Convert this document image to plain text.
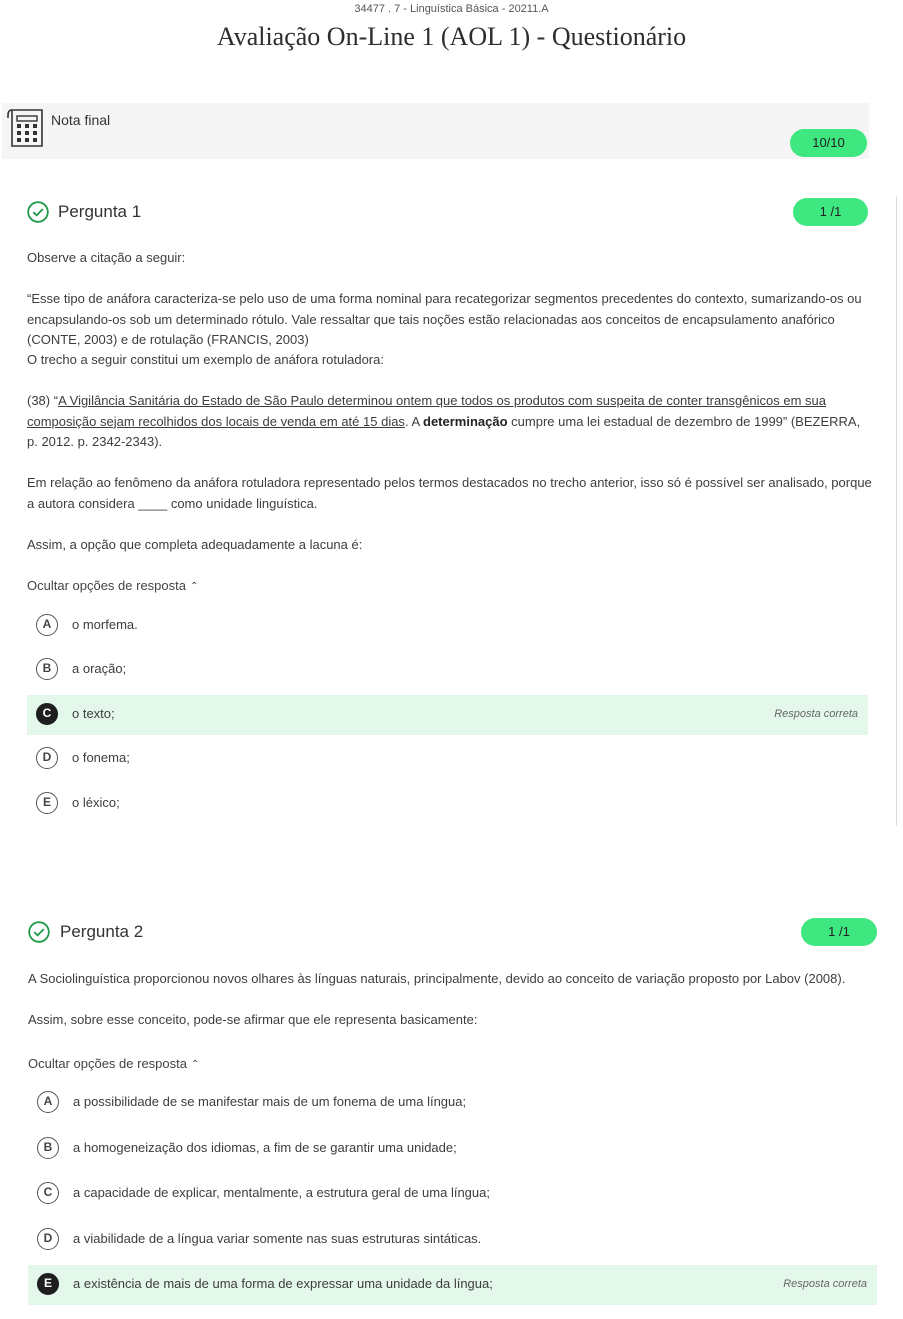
34477 . 7 - Linguística Básica - 20211.A
Avaliação On-Line 1 (AOL 1) - Questionário
Nota final
10/10
Pergunta 1	1 /1
Observe a citação a seguir:
“Esse tipo de anáfora caracteriza-se pelo uso de uma forma nominal para recategorizar segmentos precedentes do contexto, sumarizando-os ou encapsulando-os sob um determinado rótulo. Vale ressaltar que tais noções estão relacionadas aos conceitos de encapsulamento anafórico (CONTE, 2003) e de rotulação (FRANCIS, 2003)
O trecho a seguir constitui um exemplo de anáfora rotuladora:
(38) “A Vigilância Sanitária do Estado de São Paulo determinou ontem que todos os produtos com suspeita de conter transgênicos em sua composição sejam recolhidos dos locais de venda em até 15 dias. A determinação cumpre uma lei estadual de dezembro de 1999” (BEZERRA, p. 2012. p. 2342-2343).
Em relação ao fenômeno da anáfora rotuladora representado pelos termos destacados no trecho anterior, isso só é possível ser analisado, porque a autora considera ____ como unidade linguística.
Assim, a opção que completa adequadamente a lacuna é:
Ocultar opções de resposta ⌃
A	o morfema.
B	a oração;
C	o texto;	Resposta correta
D	o fonema;
E	o léxico;
Pergunta 2	1 /1
A Sociolinguística proporcionou novos olhares às línguas naturais, principalmente, devido ao conceito de variação proposto por Labov (2008).
Assim, sobre esse conceito, pode-se afirmar que ele representa basicamente:
Ocultar opções de resposta ⌃
A	a possibilidade de se manifestar mais de um fonema de uma língua;
B	a homogeneização dos idiomas, a fim de se garantir uma unidade;
C	a capacidade de explicar, mentalmente, a estrutura geral de uma língua;
D	a viabilidade de a língua variar somente nas suas estruturas sintáticas.
E	a existência de mais de uma forma de expressar uma unidade da língua;	Resposta correta
